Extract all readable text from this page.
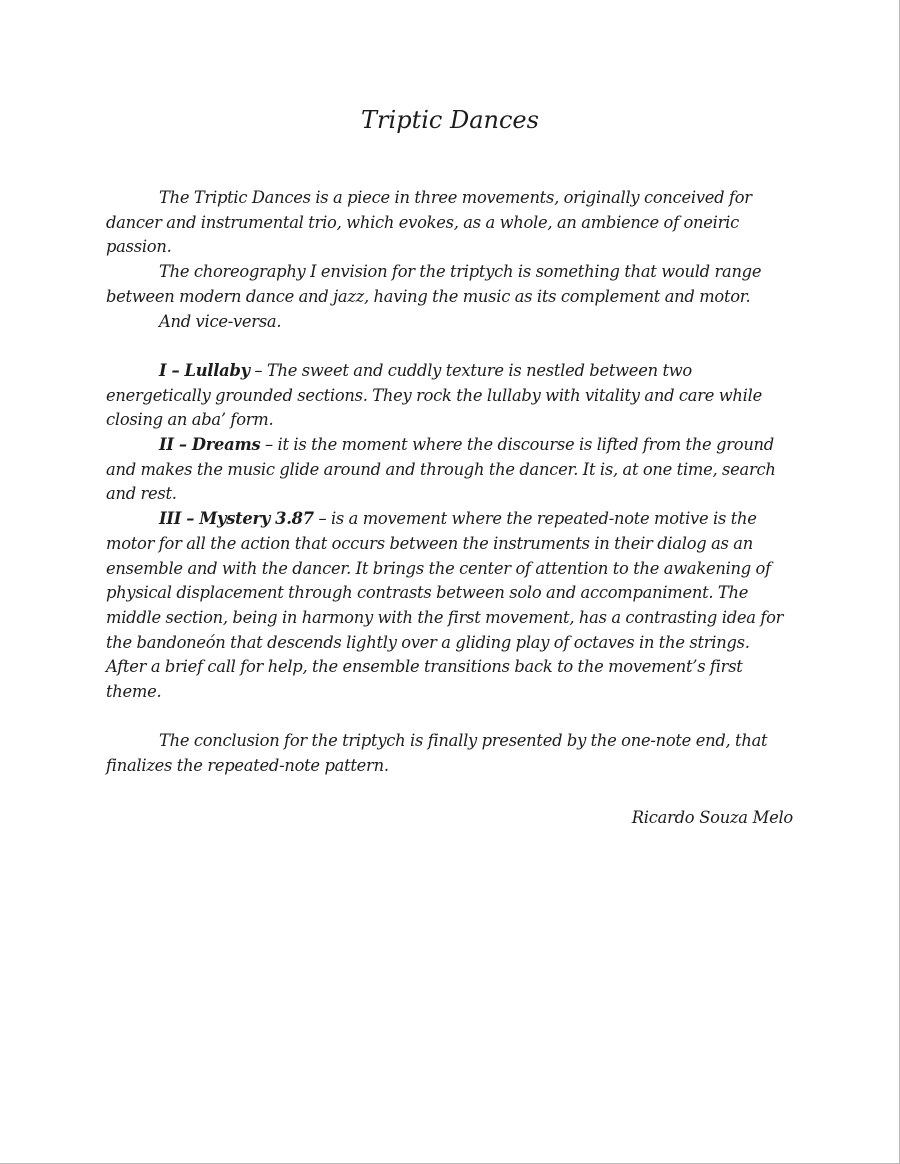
Triptic Dances

The Triptic Dances is a piece in three movements, originally conceived for dancer and instrumental trio, which evokes, as a whole, an ambience of oneiric passion.

The choreography I envision for the triptych is something that would range between modern dance and jazz, having the music as its complement and motor.

And vice-versa.

I – Lullaby – The sweet and cuddly texture is nestled between two energetically grounded sections. They rock the lullaby with vitality and care while closing an aba’ form.

II – Dreams – it is the moment where the discourse is lifted from the ground and makes the music glide around and through the dancer. It is, at one time, search and rest.

III – Mystery 3.87 – is a movement where the repeated-note motive is the motor for all the action that occurs between the instruments in their dialog as an ensemble and with the dancer. It brings the center of attention to the awakening of physical displacement through contrasts between solo and accompaniment. The middle section, being in harmony with the first movement, has a contrasting idea for the bandoneón that descends lightly over a gliding play of octaves in the strings. After a brief call for help, the ensemble transitions back to the movement’s first theme.

The conclusion for the triptych is finally presented by the one-note end, that finalizes the repeated-note pattern.

Ricardo Souza Melo
